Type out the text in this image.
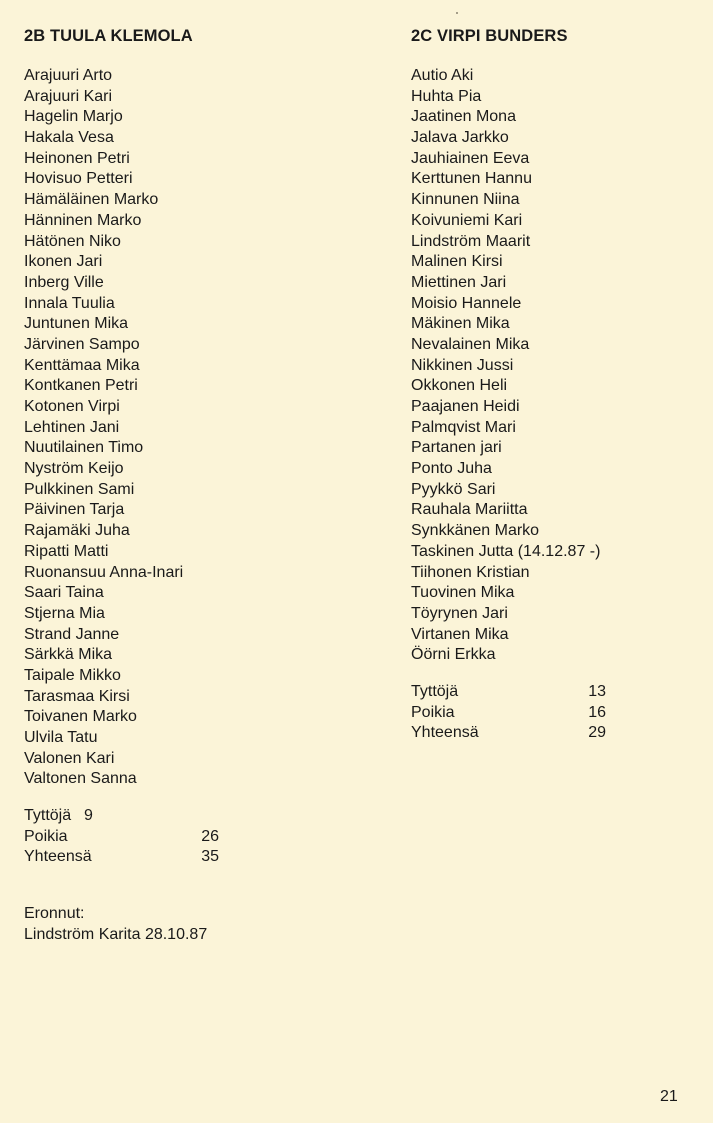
2B TUULA KLEMOLA
Arajuuri Arto
Arajuuri Kari
Hagelin Marjo
Hakala Vesa
Heinonen Petri
Hovisuo Petteri
Hämäläinen Marko
Hänninen Marko
Hätönen Niko
Ikonen Jari
Inberg Ville
Innala Tuulia
Juntunen Mika
Järvinen Sampo
Kenttämaa Mika
Kontkanen Petri
Kotonen Virpi
Lehtinen Jani
Nuutilainen Timo
Nyström Keijo
Pulkkinen Sami
Päivinen Tarja
Rajamäki Juha
Ripatti Matti
Ruonansuu Anna-Inari
Saari Taina
Stjerna Mia
Strand Janne
Särkkä Mika
Taipale Mikko
Tarasmaa Kirsi
Toivanen Marko
Ulvila Tatu
Valonen Kari
Valtonen Sanna
Tyttöjä 9
Poikia	26
Yhteensä	35
2C VIRPI BUNDERS
Autio Aki
Huhta Pia
Jaatinen Mona
Jalava Jarkko
Jauhiainen Eeva
Kerttunen Hannu
Kinnunen Niina
Koivuniemi Kari
Lindström Maarit
Malinen Kirsi
Miettinen Jari
Moisio Hannele
Mäkinen Mika
Nevalainen Mika
Nikkinen Jussi
Okkonen Heli
Paajanen Heidi
Palmqvist Mari
Partanen jari
Ponto Juha
Pyykkö Sari
Rauhala Mariitta
Synkkänen Marko
Taskinen Jutta (14.12.87 -)
Tiihonen Kristian
Tuovinen Mika
Töyrynen Jari
Virtanen Mika
Öörni Erkka
Tyttöjä	13
Poikia	16
Yhteensä	29
Eronnut:
Lindström Karita 28.10.87
21
